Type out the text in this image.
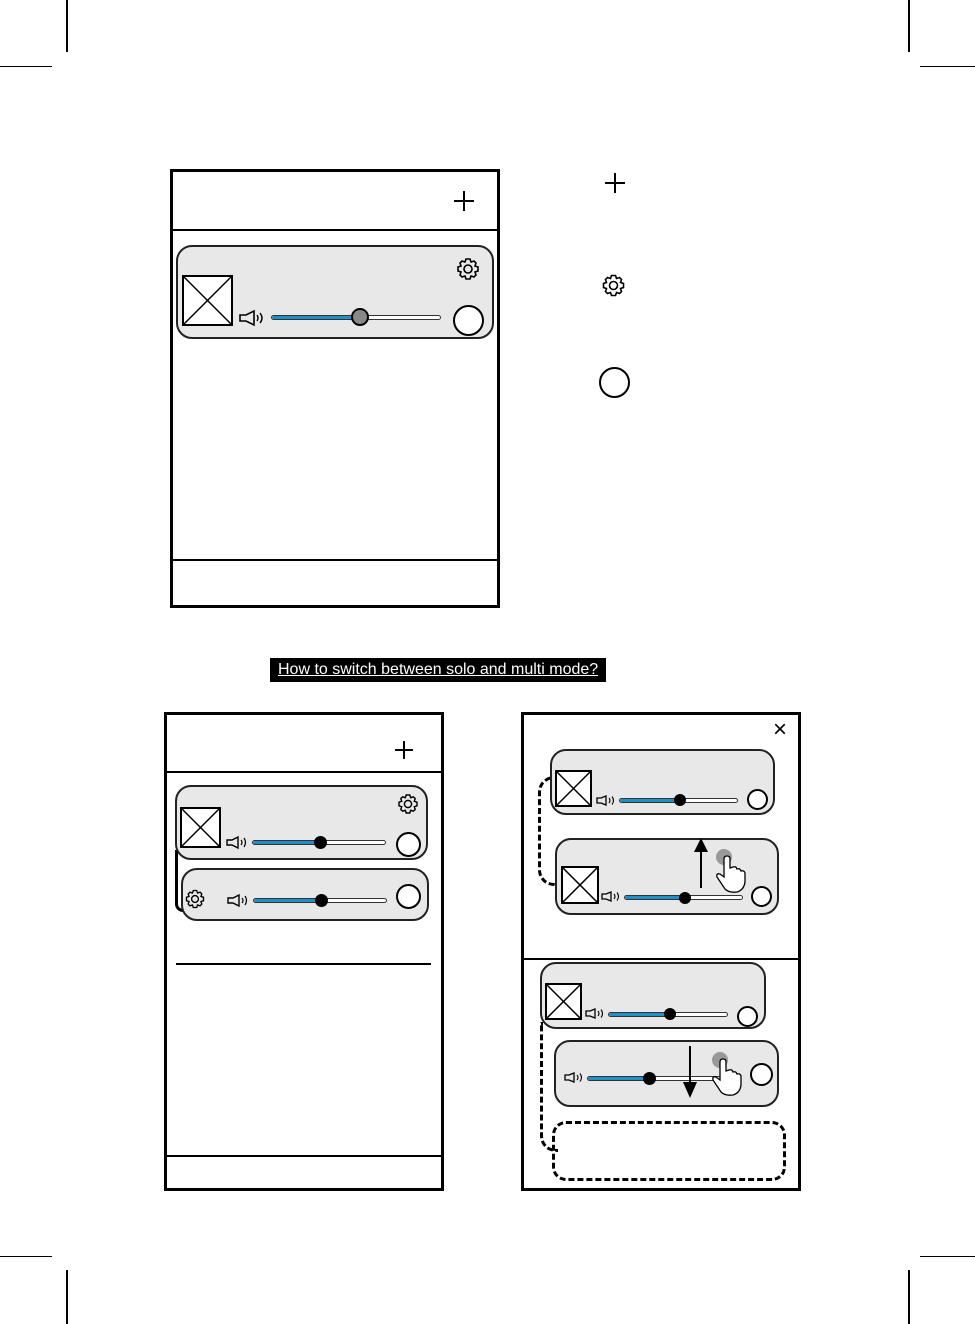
How to switch between solo and multi mode?
×
